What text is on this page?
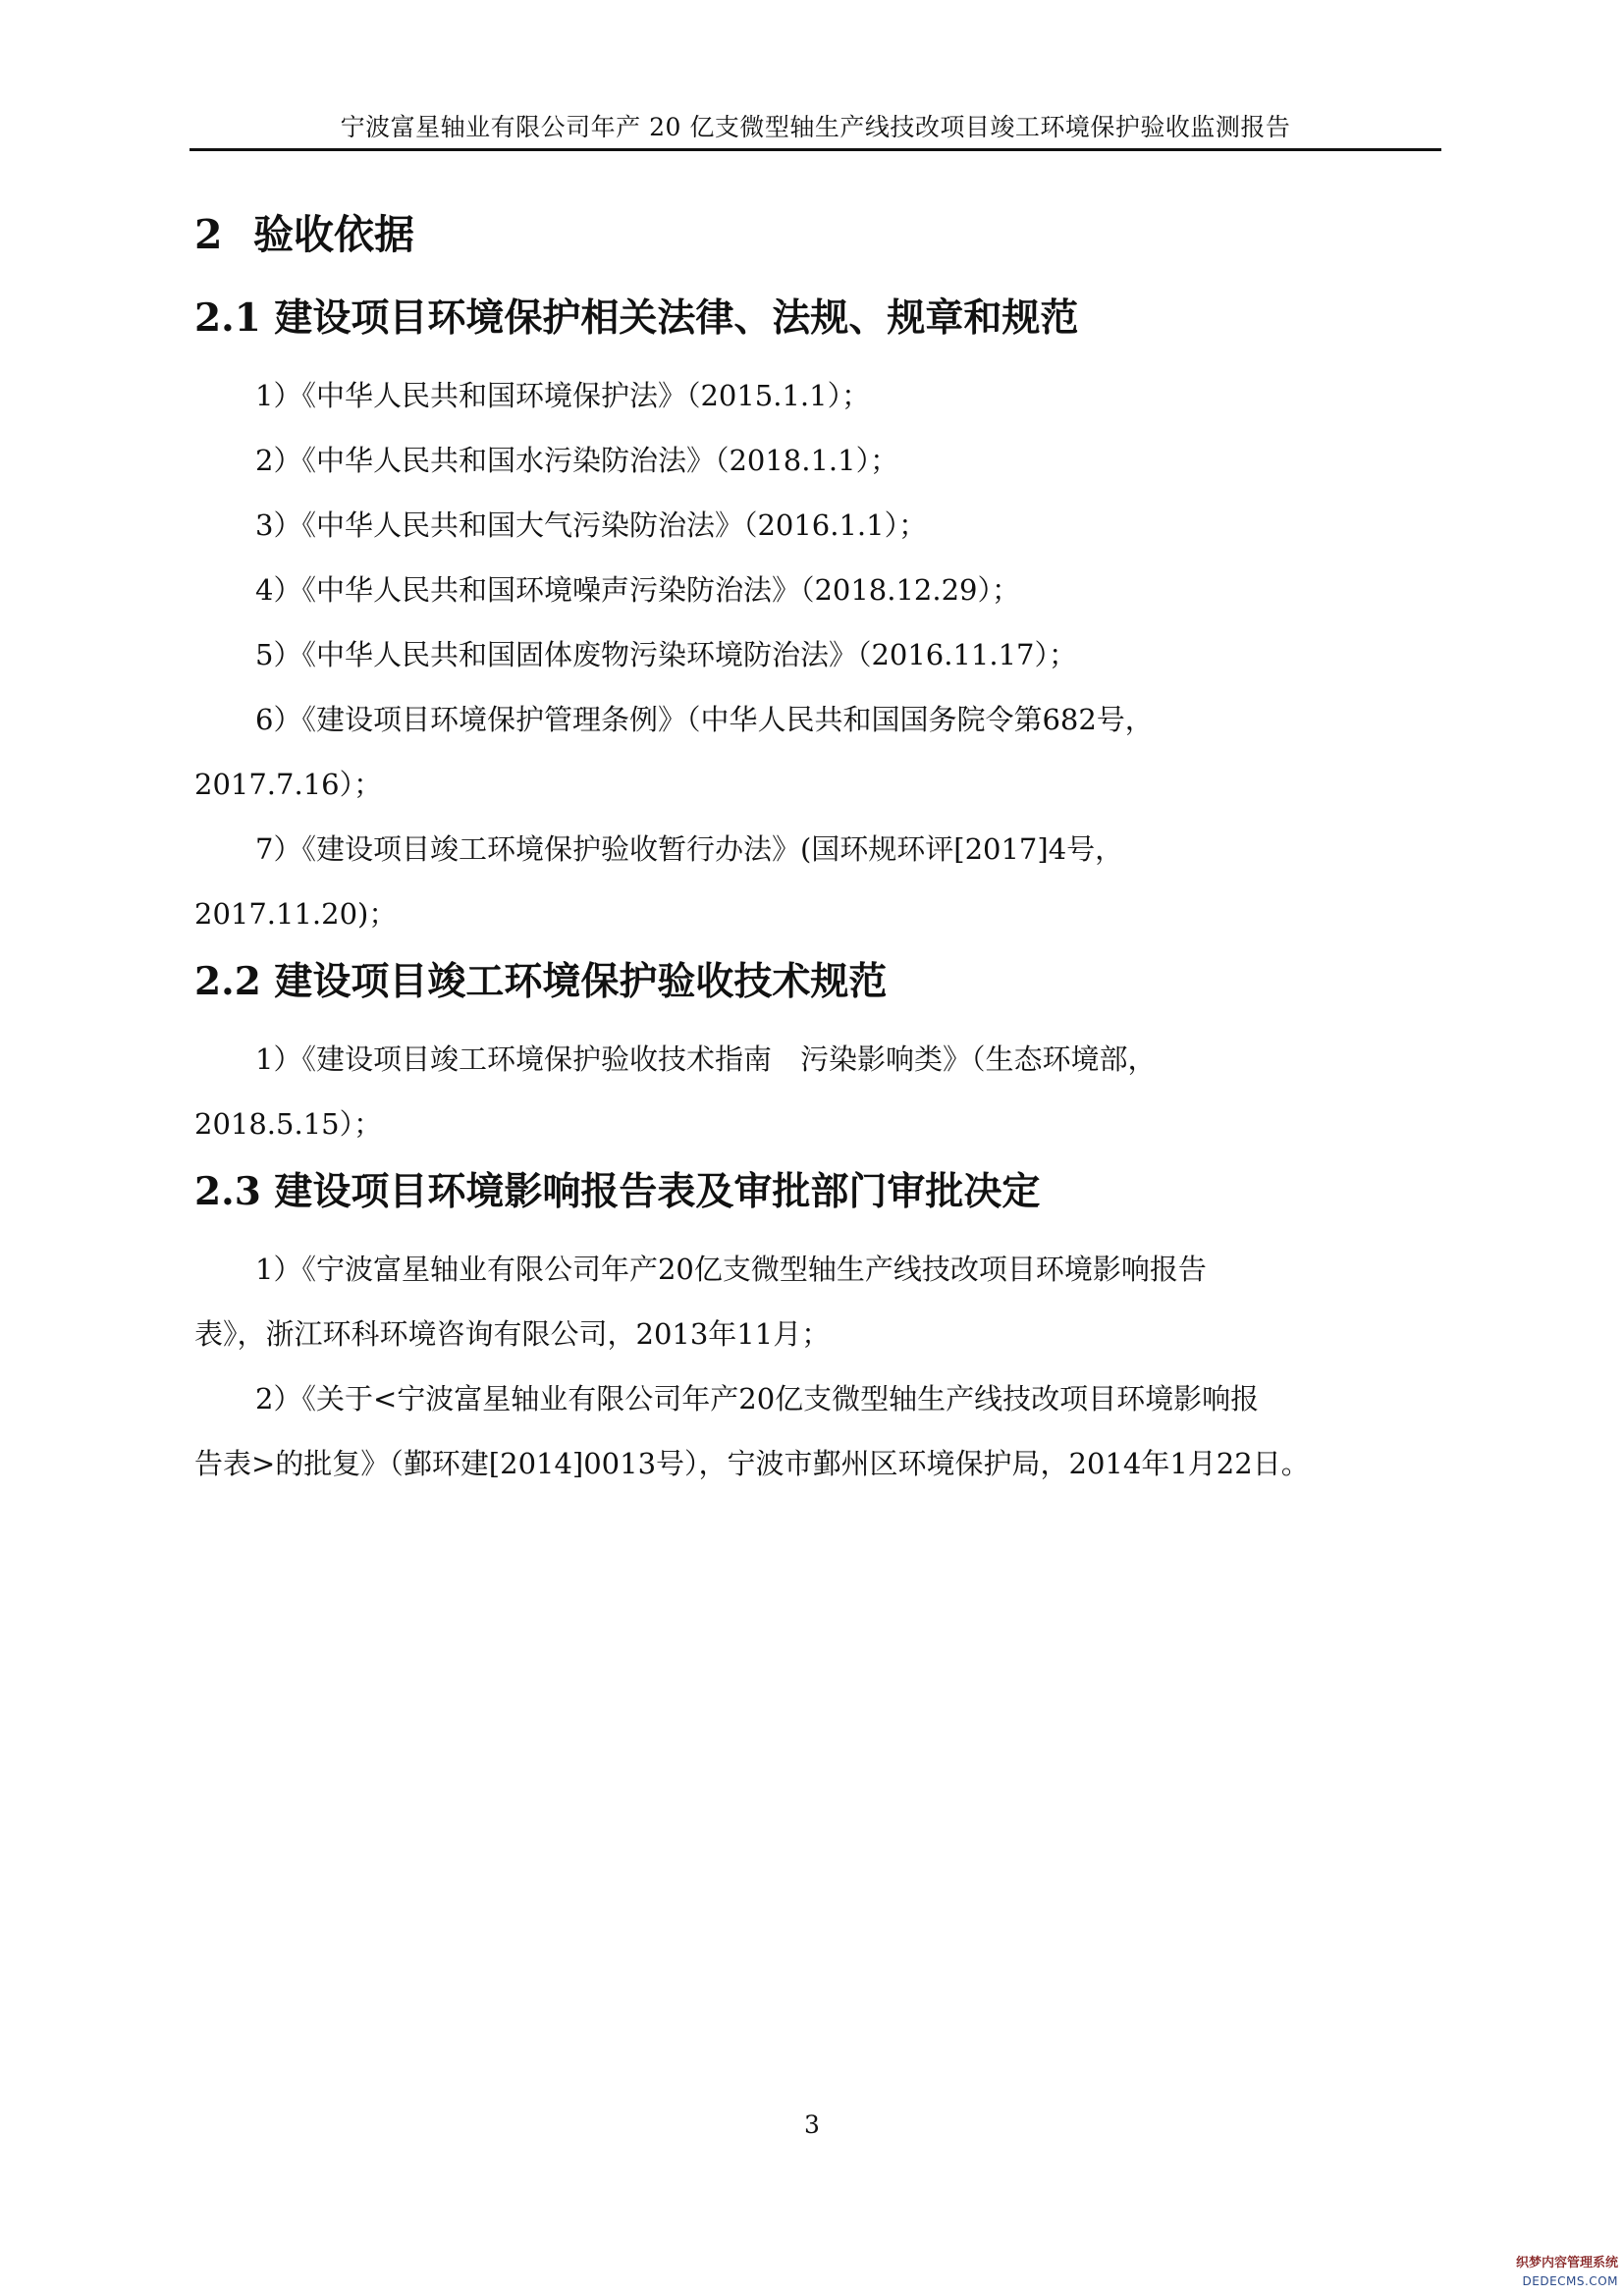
宁波富星轴业有限公司年产 20 亿支微型轴生产线技改项目竣工环境保护验收监测报告
2 验收依据
2.1 建设项目环境保护相关法律、法规、规章和规范
1）《中华人民共和国环境保护法》（2015.1.1）；
2）《中华人民共和国水污染防治法》（2018.1.1）；
3）《中华人民共和国大气污染防治法》（2016.1.1）；
4）《中华人民共和国环境噪声污染防治法》（2018.12.29）；
5）《中华人民共和国固体废物污染环境防治法》（2016.11.17）；
6）《建设项目环境保护管理条例》（中华人民共和国国务院令第682号，
2017.7.16）；
7）《建设项目竣工环境保护验收暂行办法》(国环规环评[2017]4号，
2017.11.20)；
2.2 建设项目竣工环境保护验收技术规范
1）《建设项目竣工环境保护验收技术指南　污染影响类》（生态环境部，
2018.5.15）；
2.3 建设项目环境影响报告表及审批部门审批决定
1）《宁波富星轴业有限公司年产20亿支微型轴生产线技改项目环境影响报告
表》，浙江环科环境咨询有限公司，2013年11月；
2）《关于<宁波富星轴业有限公司年产20亿支微型轴生产线技改项目环境影响报
告表>的批复》（鄞环建[2014]0013号），宁波市鄞州区环境保护局，2014年1月22日。
3
织梦内容管理系统
DEDECMS.COM
